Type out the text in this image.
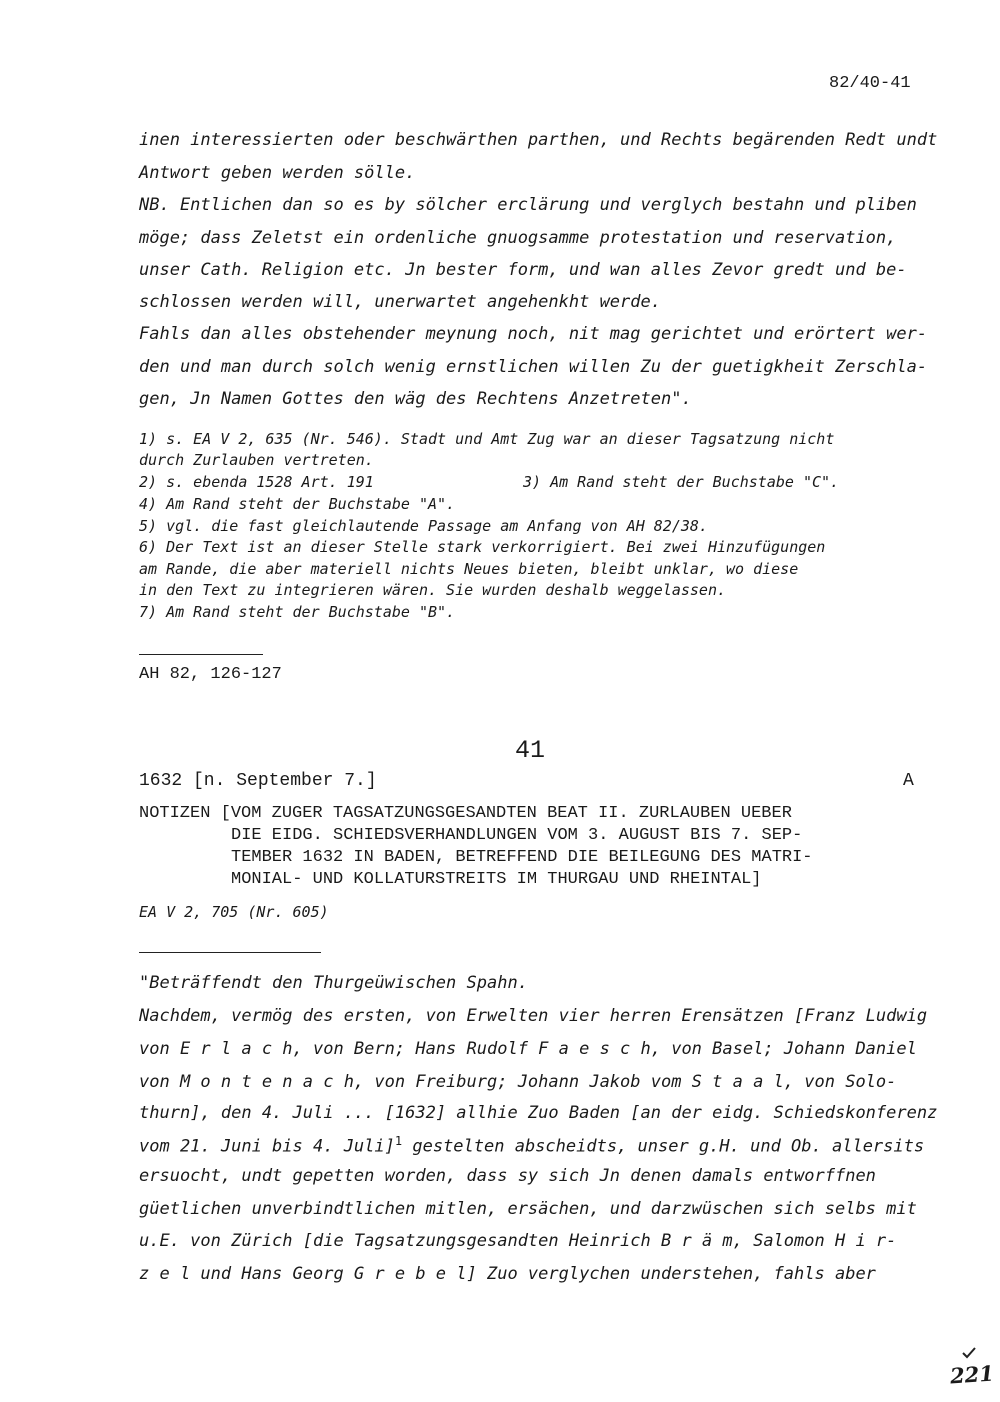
82/40-41
inen interessierten oder beschwärthen parthen, und Rechts begärenden Redt undt
Antwort geben werden sölle.
NB. Entlichen dan so es by sölcher erclärung und verglych bestahn und pliben
möge; dass Zeletst ein ordenliche gnuogsamme protestation und reservation,
unser Cath. Religion etc. Jn bester form, und wan alles Zevor gredt und be-
schlossen werden will, unerwartet angehenkht werde.
Fahls dan alles obstehender meynung noch, nit mag gerichtet und erörtert wer-
den und man durch solch wenig ernstlichen willen Zu der guetigkheit Zerschla-
gen, Jn Namen Gottes den wäg des Rechtens Anzetreten".
1) s. EA V 2, 635 (Nr. 546). Stadt und Amt Zug war an dieser Tagsatzung nicht
durch Zurlauben vertreten.
2) s. ebenda 1528 Art. 191	3) Am Rand steht der Buchstabe "C".
4) Am Rand steht der Buchstabe "A".
5) vgl. die fast gleichlautende Passage am Anfang von AH 82/38.
6) Der Text ist an dieser Stelle stark verkorrigiert. Bei zwei Hinzufügungen
am Rande, die aber materiell nichts Neues bieten, bleibt unklar, wo diese
in den Text zu integrieren wären. Sie wurden deshalb weggelassen.
7) Am Rand steht der Buchstabe "B".
AH 82, 126-127
41
1632 [n. September 7.]	A
NOTIZEN [VOM ZUGER TAGSATZUNGSGESANDTEN BEAT II. ZURLAUBEN UEBER
DIE EIDG. SCHIEDSVERHANDLUNGEN VOM 3. AUGUST BIS 7. SEP-
TEMBER 1632 IN BADEN, BETREFFEND DIE BEILEGUNG DES MATRI-
MONIAL- UND KOLLATURSTREITS IM THURGAU UND RHEINTAL]
EA V 2, 705 (Nr. 605)
"Beträffendt den Thurgeüwischen Spahn.
Nachdem, vermög des ersten, von Erwelten vier herren Erensätzen [Franz Ludwig
von E r l a c h, von Bern; Hans Rudolf F a e s c h, von Basel; Johann Daniel
von M o n t e n a c h, von Freiburg; Johann Jakob vom S t a a l, von Solo-
thurn], den 4. Juli ... [1632] allhie Zuo Baden [an der eidg. Schiedskonferenz
vom 21. Juni bis 4. Juli]$^1$ gestelten abscheidts, unser g.H. und Ob. allersits
ersuocht, undt gepetten worden, dass sy sich Jn denen damals entworffnen
güetlichen unverbindtlichen mitlen, ersächen, und darzwüschen sich selbs mit
u.E. von Zürich [die Tagsatzungsgesandten Heinrich B r ä m, Salomon H i r-
z e l und Hans Georg G r e b e l] Zuo verglychen understehen, fahls aber
221
